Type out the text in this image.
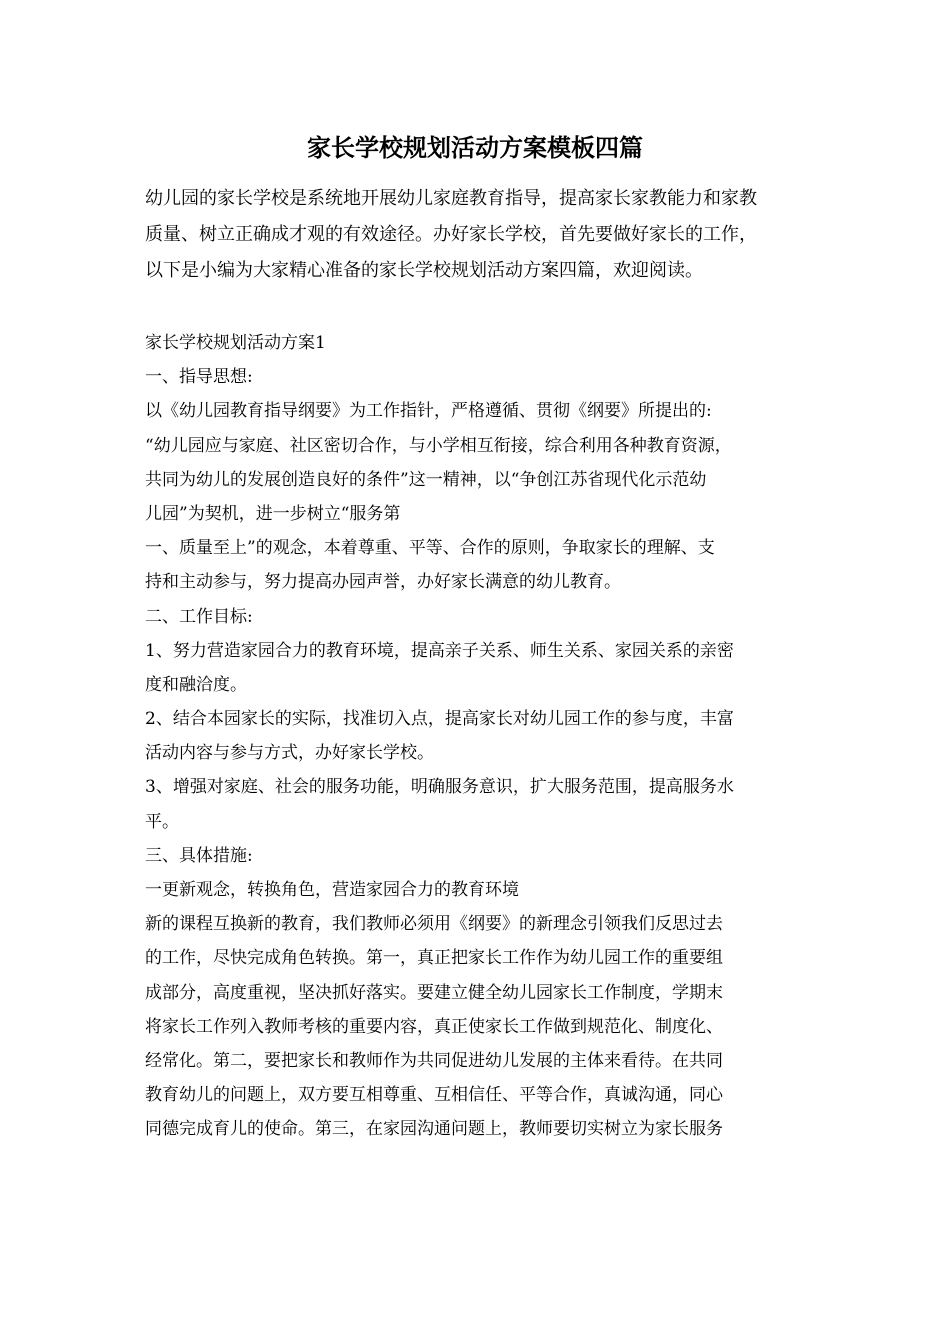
家长学校规划活动方案模板四篇

幼儿园的家长学校是系统地开展幼儿家庭教育指导，提高家长家教能力和家教
质量、树立正确成才观的有效途径。办好家长学校，首先要做好家长的工作，
以下是小编为大家精心准备的家长学校规划活动方案四篇，欢迎阅读。

家长学校规划活动方案1
一、指导思想:
以《幼儿园教育指导纲要》为工作指针，严格遵循、贯彻《纲要》所提出的:
“幼儿园应与家庭、社区密切合作，与小学相互衔接，综合利用各种教育资源，
共同为幼儿的发展创造良好的条件”这一精神，以“争创江苏省现代化示范幼
儿园”为契机，进一步树立“服务第
一、质量至上”的观念，本着尊重、平等、合作的原则，争取家长的理解、支
持和主动参与，努力提高办园声誉，办好家长满意的幼儿教育。
二、工作目标:
1、努力营造家园合力的教育环境，提高亲子关系、师生关系、家园关系的亲密
度和融洽度。
2、结合本园家长的实际，找准切入点，提高家长对幼儿园工作的参与度，丰富
活动内容与参与方式，办好家长学校。
3、增强对家庭、社会的服务功能，明确服务意识，扩大服务范围，提高服务水
平。
三、具体措施:
一更新观念，转换角色，营造家园合力的教育环境
新的课程互换新的教育，我们教师必须用《纲要》的新理念引领我们反思过去
的工作，尽快完成角色转换。第一，真正把家长工作作为幼儿园工作的重要组
成部分，高度重视，坚决抓好落实。要建立健全幼儿园家长工作制度，学期末
将家长工作列入教师考核的重要内容，真正使家长工作做到规范化、制度化、
经常化。第二，要把家长和教师作为共同促进幼儿发展的主体来看待。在共同
教育幼儿的问题上，双方要互相尊重、互相信任、平等合作，真诚沟通，同心
同德完成育儿的使命。第三，在家园沟通问题上，教师要切实树立为家长服务
